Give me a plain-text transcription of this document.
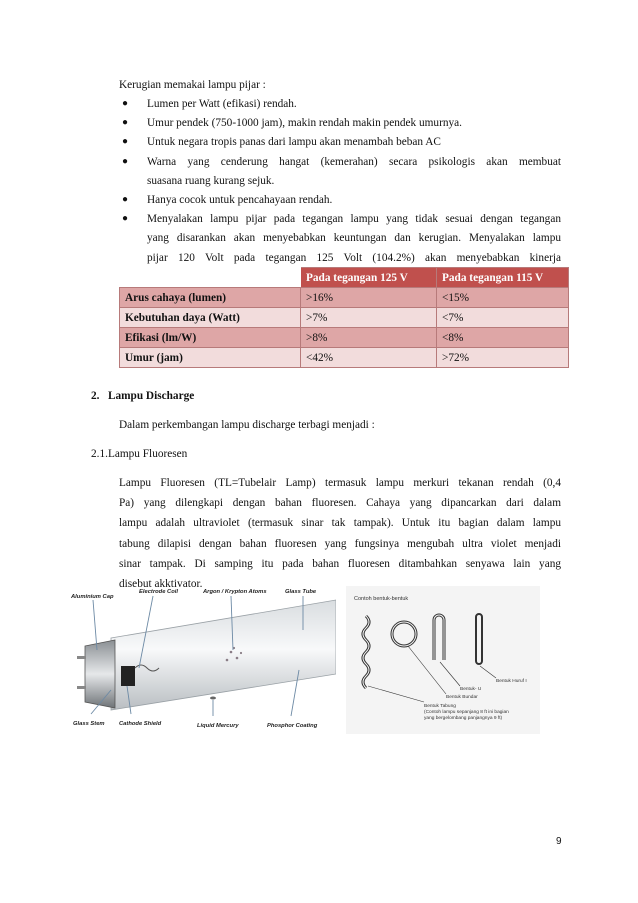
Kerugian memakai lampu pijar :
● Lumen per Watt (efikasi) rendah.
● Umur pendek (750-1000 jam), makin rendah makin pendek umurnya.
● Untuk negara tropis panas dari lampu akan menambah beban AC
● Warna yang cenderung hangat (kemerahan) secara psikologis akan membuat
suasana ruang kurang sejuk.
● Hanya cocok untuk pencahayaan rendah.
● Menyalakan lampu pijar pada tegangan lampu yang tidak sesuai dengan tegangan
yang disarankan akan menyebabkan keuntungan dan kerugian. Menyalakan lampu
pijar 120 Volt pada tegangan 125 Volt (104.2%) akan menyebabkan kinerja
	Pada tegangan 125 V	Pada tegangan 115 V
Arus cahaya (lumen)	>16%	<15%
Kebutuhan daya (Watt)	>7%	<7%
Efikasi (lm/W)	>8%	<8%
Umur (jam)	<42%	>72%
2.   Lampu Discharge
Dalam perkembangan lampu discharge terbagi menjadi :
2.1.Lampu Fluoresen
Lampu Fluoresen (TL=Tubelair Lamp) termasuk lampu merkuri tekanan rendah (0,4
Pa) yang dilengkapi dengan bahan fluoresen. Cahaya yang dipancarkan dari dalam
lampu adalah ultraviolet (termasuk sinar tak tampak). Untuk itu bagian dalam lampu
tabung dilapisi dengan bahan fluoresen yang fungsinya mengubah ultra violet menjadi
sinar tampak. Di samping itu pada bahan fluoresen ditambahkan senyawa lain yang
disebut akktivator.
Aluminium Cap
Electrode Coil	Argon / Krypton Atoms	Glass Tube
Glass Stem Cathode Shield	Liquid Mercury	Phosphor Coating
Contoh bentuk-bentuk
Bentuk Huruf I
Bentuk- U
Bentuk Bundar
Bentuk Tabung
(Contoh lampu sepanjang 8 ft ini bagian
yang bergelombang panjangnya 9 ft)
9
